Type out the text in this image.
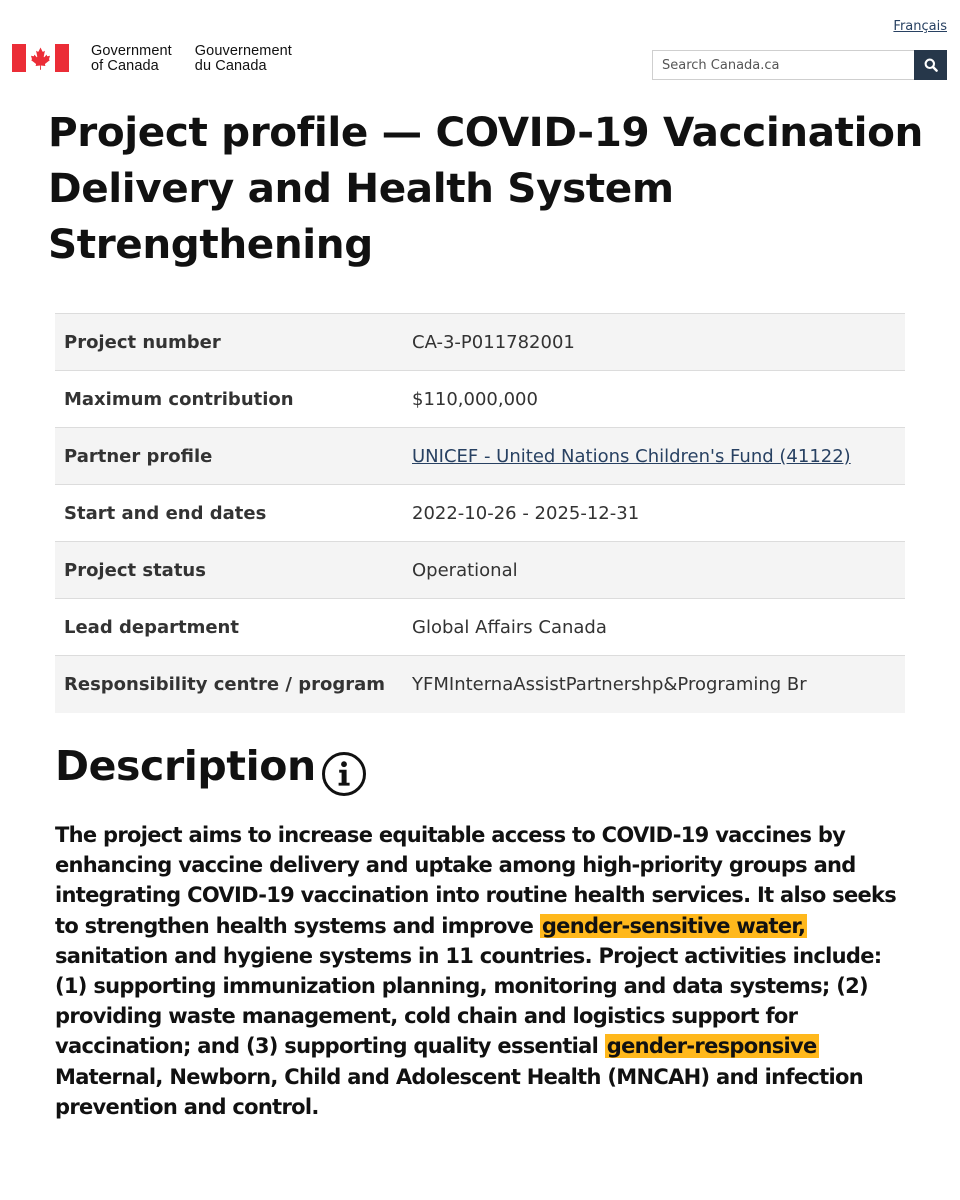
Français
Government
of Canada
Gouvernement
du Canada
Search Canada.ca
Project profile — COVID-19 Vaccination Delivery and Health System Strengthening
Project number	CA-3-P011782001
Maximum contribution	$110,000,000
Partner profile	UNICEF - United Nations Children's Fund (41122)
Start and end dates	2022-10-26 - 2025-12-31
Project status	Operational
Lead department	Global Affairs Canada
Responsibility centre / program	YFMInternaAssistPartnershp&Programing Br
Description

The project aims to increase equitable access to COVID-19 vaccines by enhancing vaccine delivery and uptake among high-priority groups and integrating COVID-19 vaccination into routine health services. It also seeks to strengthen health systems and improve gender-sensitive water, sanitation and hygiene systems in 11 countries. Project activities include: (1) supporting immunization planning, monitoring and data systems; (2) providing waste management, cold chain and logistics support for vaccination; and (3) supporting quality essential gender-responsive Maternal, Newborn, Child and Adolescent Health (MNCAH) and infection prevention and control.
